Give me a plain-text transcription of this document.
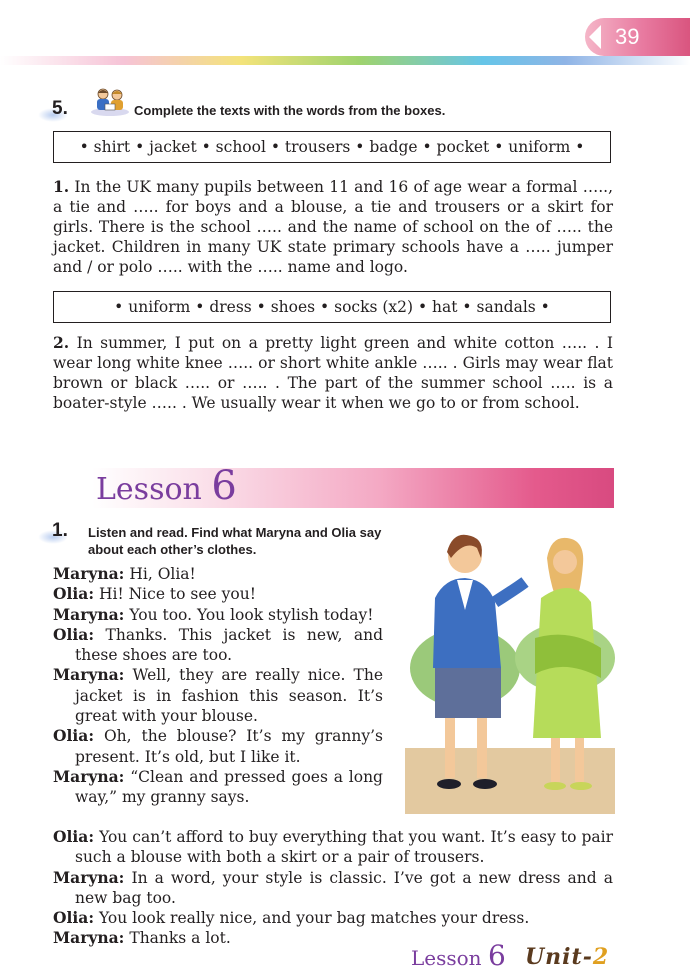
39
5.	Complete the texts with the words from the boxes.
• shirt • jacket • school • trousers • badge • pocket • uniform •

1. In the UK many pupils between 11 and 16 of age wear a formal ….., a tie and ….. for boys and a blouse, a tie and trousers or a skirt for girls. There is the school ….. and the name of school on the of ….. the jacket. Children in many UK state primary schools have a ….. jumper and / or polo ….. with the ….. name and logo.

• uniform • dress • shoes • socks (x2) • hat • sandals •

2. In summer, I put on a pretty light green and white cotton ….. . I wear long white knee ….. or short white ankle ….. . Girls may wear flat brown or black ….. or ….. . The part of the summer school ….. is a boater-style ….. . We usually wear it when we go to or from school.

Lesson 6
1. Listen and read. Find what Maryna and Olia say about each other’s clothes.

Maryna: Hi, Olia!

Olia: Hi! Nice to see you!

Maryna: You too. You look stylish today!

Olia: Thanks. This jacket is new, and these shoes are too.

Maryna: Well, they are really nice. The jacket is in fashion this season. It’s great with your blouse.

Olia: Oh, the blouse? It’s my granny’s present. It’s old, but I like it.

Maryna: “Clean and pressed goes a long way,” my granny says.

Olia: You can’t afford to buy everything that you want. It’s easy to pair such a blouse with both a skirt or a pair of trousers.

Maryna: In a word, your style is classic. I’ve got a new dress and a new bag too.

Olia: You look really nice, and your bag matches your dress.

Maryna: Thanks a lot.

Lesson 6 Unit-2
